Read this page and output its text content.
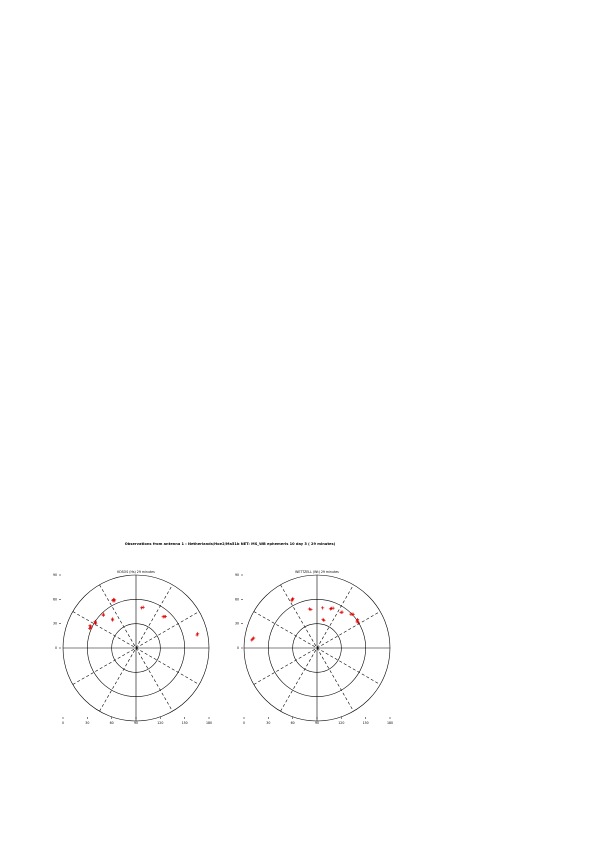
Observations from antenna 1 : Netherlands/Hoe2/Ma51b NET: MS_WB ephemeris 10 day 3 ( 29 minutes)
KOSOS (Hs) 29 minutes
90
60
30
0
0	30	60	90	120	150	180
WETTZELL (Wt) 29 minutes
90
60
30
0
0	30	60	90	120	150	180
